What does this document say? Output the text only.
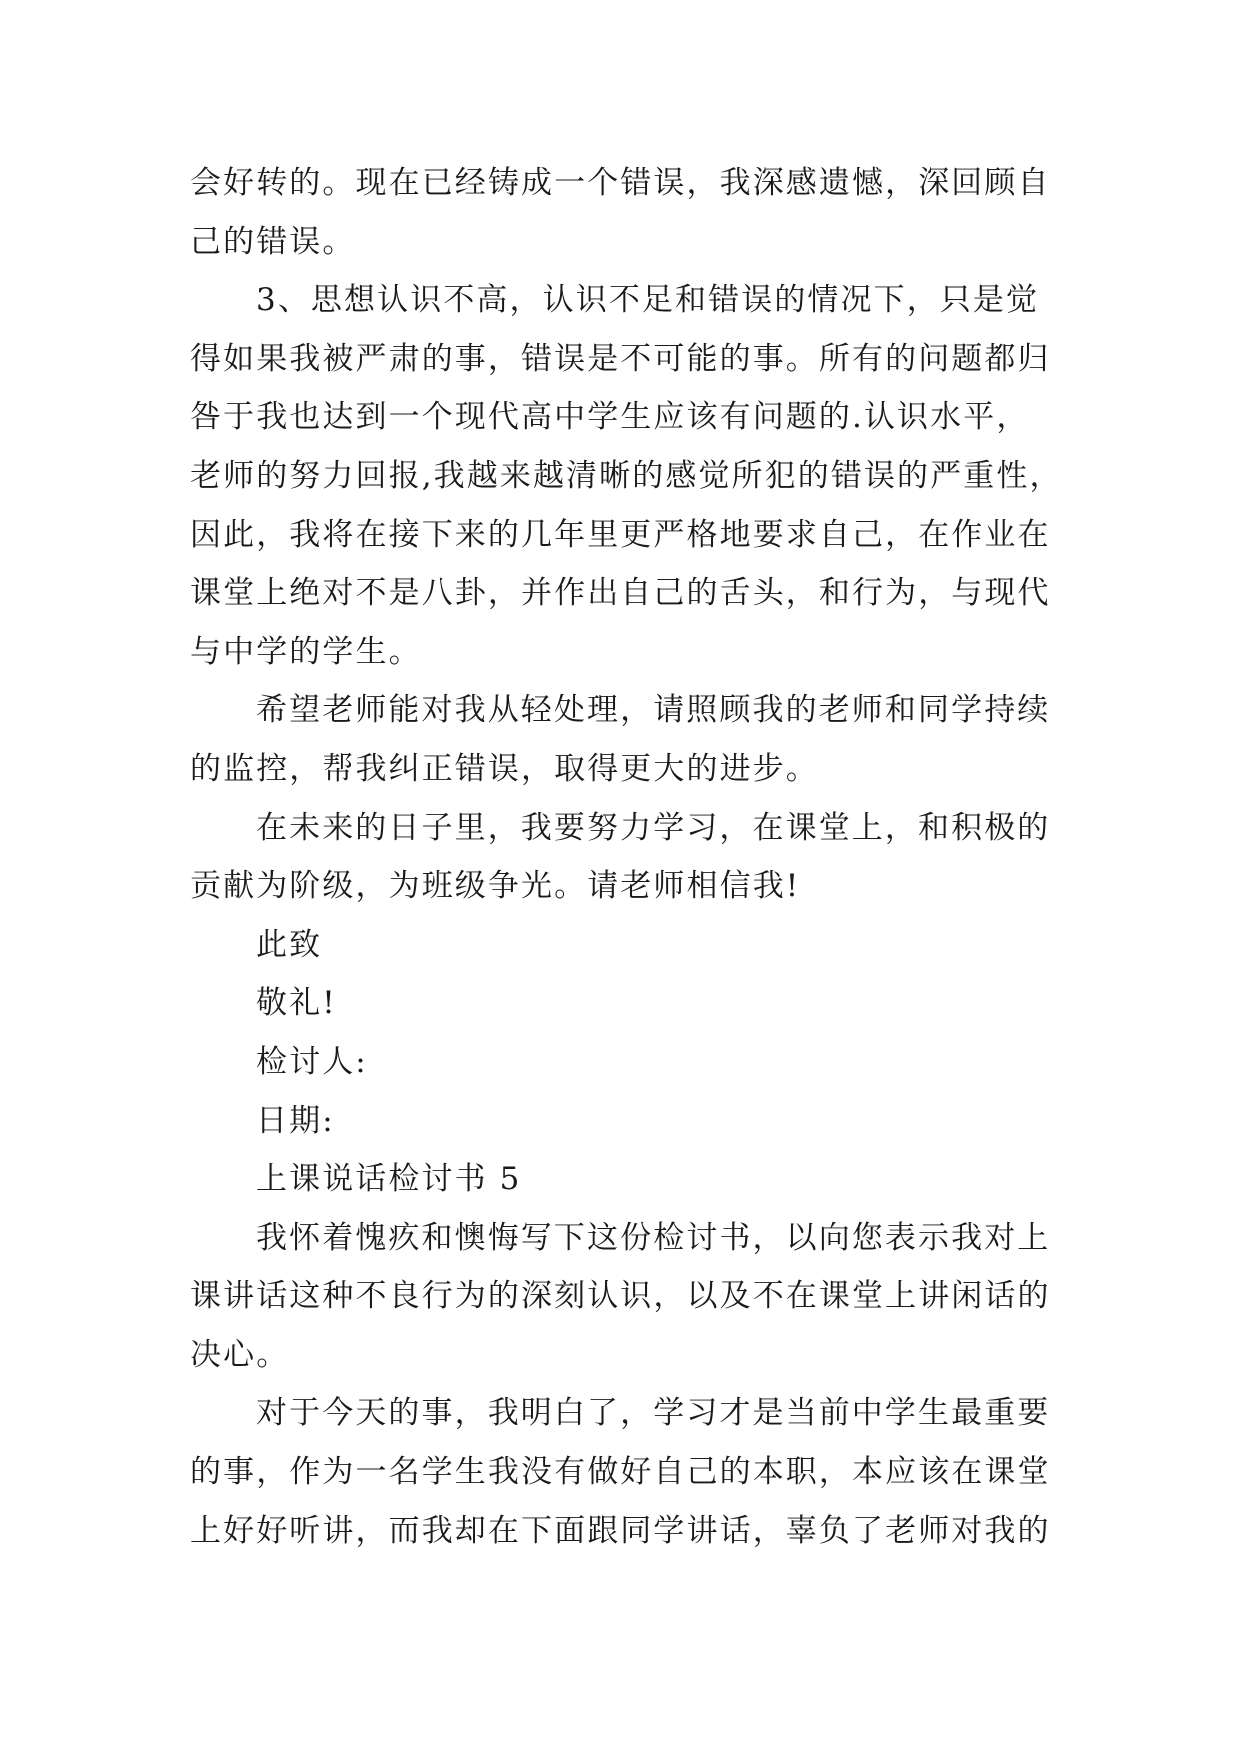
会好转的。现在已经铸成一个错误，我深感遗憾，深回顾自
己的错误。
3、思想认识不高，认识不足和错误的情况下，只是觉
得如果我被严肃的事，错误是不可能的事。所有的问题都归
咎于我也达到一个现代高中学生应该有问题的.认识水平，
老师的努力回报,我越来越清晰的感觉所犯的错误的严重性，
因此，我将在接下来的几年里更严格地要求自己，在作业在
课堂上绝对不是八卦，并作出自己的舌头，和行为，与现代
与中学的学生。
希望老师能对我从轻处理，请照顾我的老师和同学持续
的监控，帮我纠正错误，取得更大的进步。
在未来的日子里，我要努力学习，在课堂上，和积极的
贡献为阶级，为班级争光。请老师相信我!
此致
敬礼!
检讨人:
日期:
上课说话检讨书 5
我怀着愧疚和懊悔写下这份检讨书，以向您表示我对上
课讲话这种不良行为的深刻认识，以及不在课堂上讲闲话的
决心。
对于今天的事，我明白了，学习才是当前中学生最重要
的事，作为一名学生我没有做好自己的本职，本应该在课堂
上好好听讲，而我却在下面跟同学讲话，辜负了老师对我的
